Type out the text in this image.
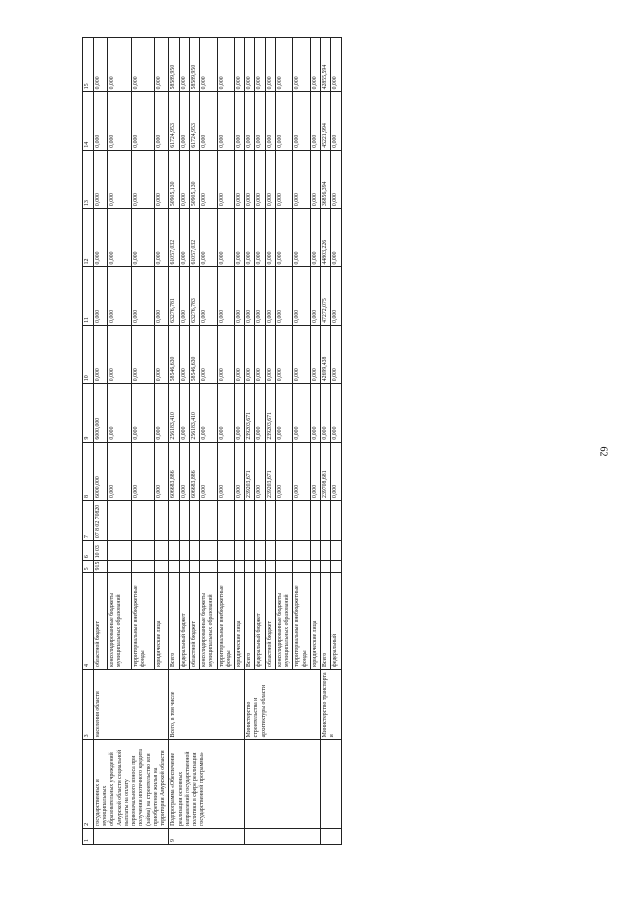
62
1	2	3	4	5	6	7	8	9	10	11	12	13	14	15
	государственных и муниципальных образовательных учреждений Амурской области социальной выплаты на оплату первоначального взноса при получении ипотечного кредита (займа) на строительство или приобретение жилья на территории Амурской области	населения области	областной бюджет	915	10 03	07 8 02 70820	6000,000	6000,000	0,000	0,000	0,000	0,000	0,000	0,000
			консолидированные бюджеты муниципальных образований				0,000	0,000	0,000	0,000	0,000	0,000	0,000	0,000
			территориальные внебюджетные фонды				0,000	0,000	0,000	0,000	0,000	0,000	0,000	0,000
			юридические лица				0,000	0,000	0,000	0,000	0,000	0,000	0,000	0,000
9	Подпрограмма «Обеспечение реализации основных направлений государственной политики в сфере реализации государственной программы»	Всего, в том числе	Всего				606683,886	256183,410	58546,630	63276,781	61057,032	50905,130	61724,953	58589,950
			федеральный бюджет				0,000	0,000	0,000	0,000	0,000	0,000	0,000	0,000
			областной бюджет				606683,886	256183,410	58546,630	63276,783	61057,032	50905,130	61724,953	58589,950
			консолидированные бюджеты муниципальных образований				0,000	0,000	0,000	0,000	0,000	0,000	0,000	0,000
			территориальные внебюджетные фонды				0,000	0,000	0,000	0,000	0,000	0,000	0,000	0,000
			юридические лица				0,000	0,000	0,000	0,000	0,000	0,000	0,000	0,000
		Министерство строительства и архитектуры области	Всего				239203,671	239203,671	0,000	0,000	0,000	0,000	0,000	0,000
			федеральный бюджет				0,000	0,000	0,000	0,000	0,000	0,000	0,000	0,000
			областной бюджет				239203,671	239203,671	0,000	0,000	0,000	0,000	0,000	0,000
			консолидированные бюджеты муниципальных образований				0,000	0,000	0,000	0,000	0,000	0,000	0,000	0,000
			территориальные внебюджетные фонды				0,000	0,000	0,000	0,000	0,000	0,000	0,000	0,000
			юридические лица				0,000	0,000	0,000	0,000	0,000	0,000	0,000	0,000
		Министерство транспорта и	Всего				239708,681	0,000	42699,438	47272,075	44803,226	36856,394	45221,994	42855,594
			федеральный				0,000	0,000	0,000	0,000	0,000	0,000	0,000	0,000
